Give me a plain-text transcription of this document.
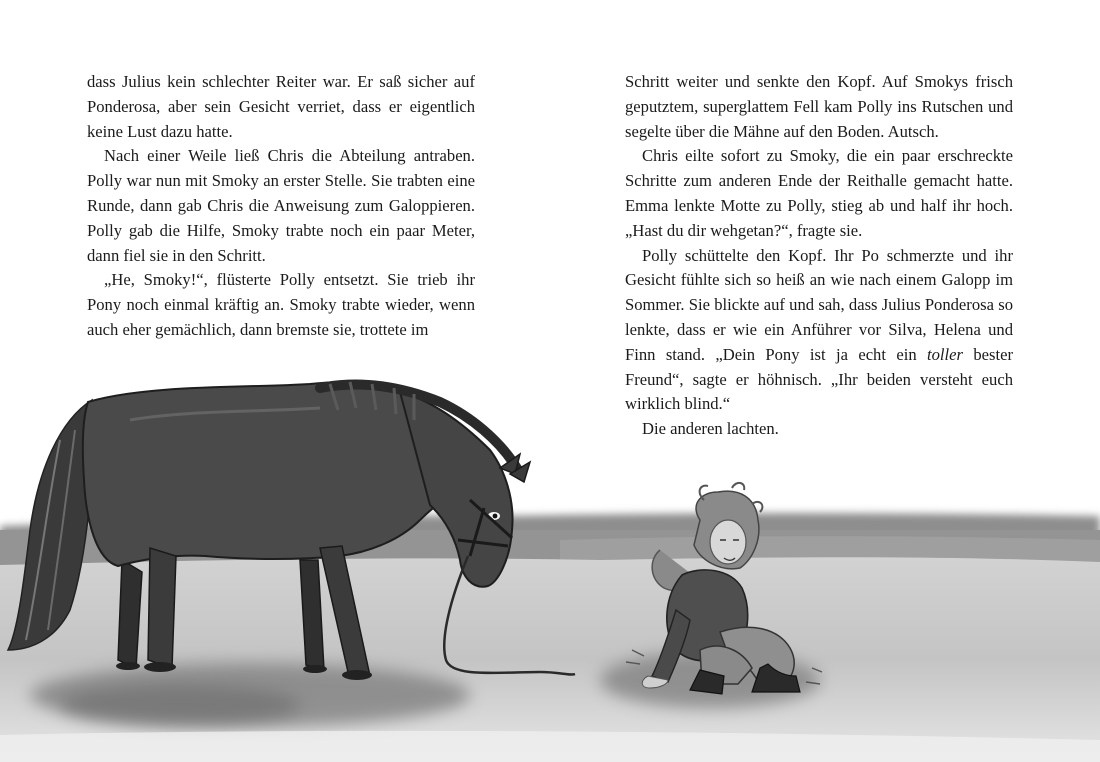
dass Julius kein schlechter Reiter war. Er saß sicher auf Ponderosa, aber sein Gesicht verriet, dass er eigentlich keine Lust dazu hatte.

Nach einer Weile ließ Chris die Abteilung antraben. Polly war nun mit Smoky an erster Stelle. Sie trabten eine Runde, dann gab Chris die Anweisung zum Galoppieren. Polly gab die Hilfe, Smoky trabte noch ein paar Meter, dann fiel sie in den Schritt.

„He, Smoky!“, flüsterte Polly entsetzt. Sie trieb ihr Pony noch einmal kräftig an. Smoky trabte wieder, wenn auch eher gemächlich, dann bremste sie, trottete im

Schritt weiter und senkte den Kopf. Auf Smokys frisch geputztem, superglattem Fell kam Polly ins Rutschen und segelte über die Mähne auf den Boden. Autsch.

Chris eilte sofort zu Smoky, die ein paar erschreckte Schritte zum anderen Ende der Reithalle gemacht hatte. Emma lenkte Motte zu Polly, stieg ab und half ihr hoch. „Hast du dir wehgetan?“, fragte sie.

Polly schüttelte den Kopf. Ihr Po schmerzte und ihr Gesicht fühlte sich so heiß an wie nach einem Galopp im Sommer. Sie blickte auf und sah, dass Julius Ponderosa so lenkte, dass er wie ein Anführer vor Silva, Helena und Finn stand. „Dein Pony ist ja echt ein toller bester Freund“, sagte er höhnisch. „Ihr beiden versteht euch wirklich blind.“

Die anderen lachten.
